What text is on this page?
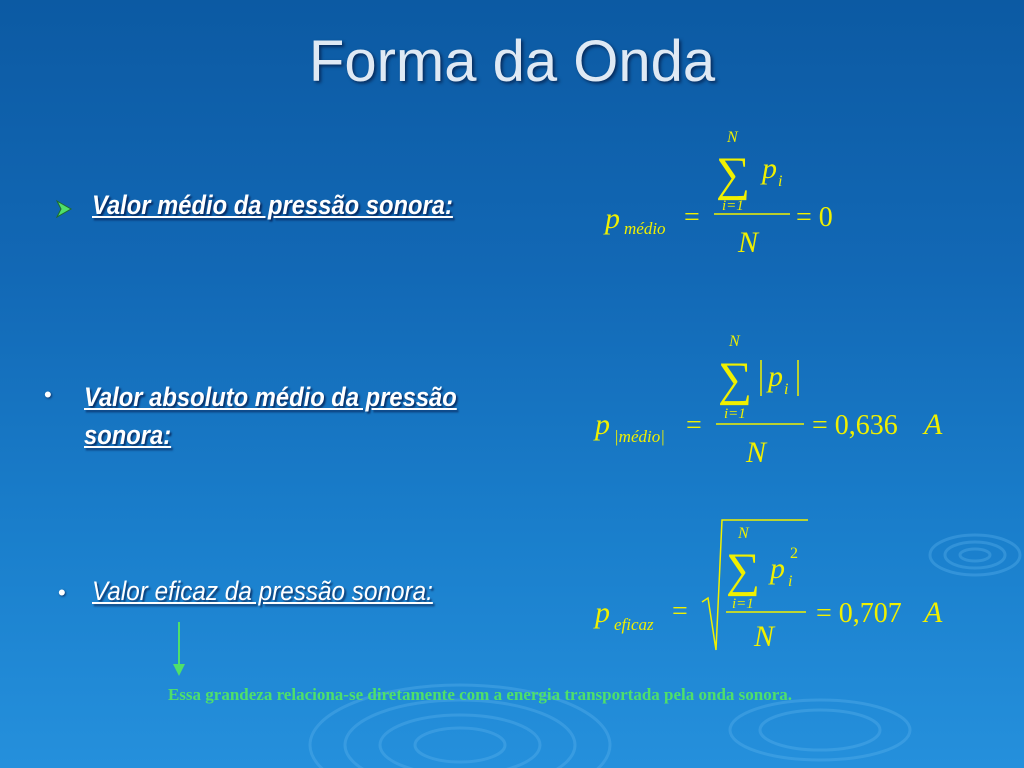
Forma da Onda
Valor médio da pressão sonora:
• Valor absoluto médio da pressão
sonora:
• Valor eficaz da pressão sonora:
p médio =
N
∑
i=1
p i
N
= 0
p |médio| =
N
∑
i=1
p i
N
= 0,636 A
p eficaz =
N
∑
i=1
p i
2
N
= 0,707 A
Essa grandeza relaciona-se diretamente com a energia transportada pela onda sonora.
